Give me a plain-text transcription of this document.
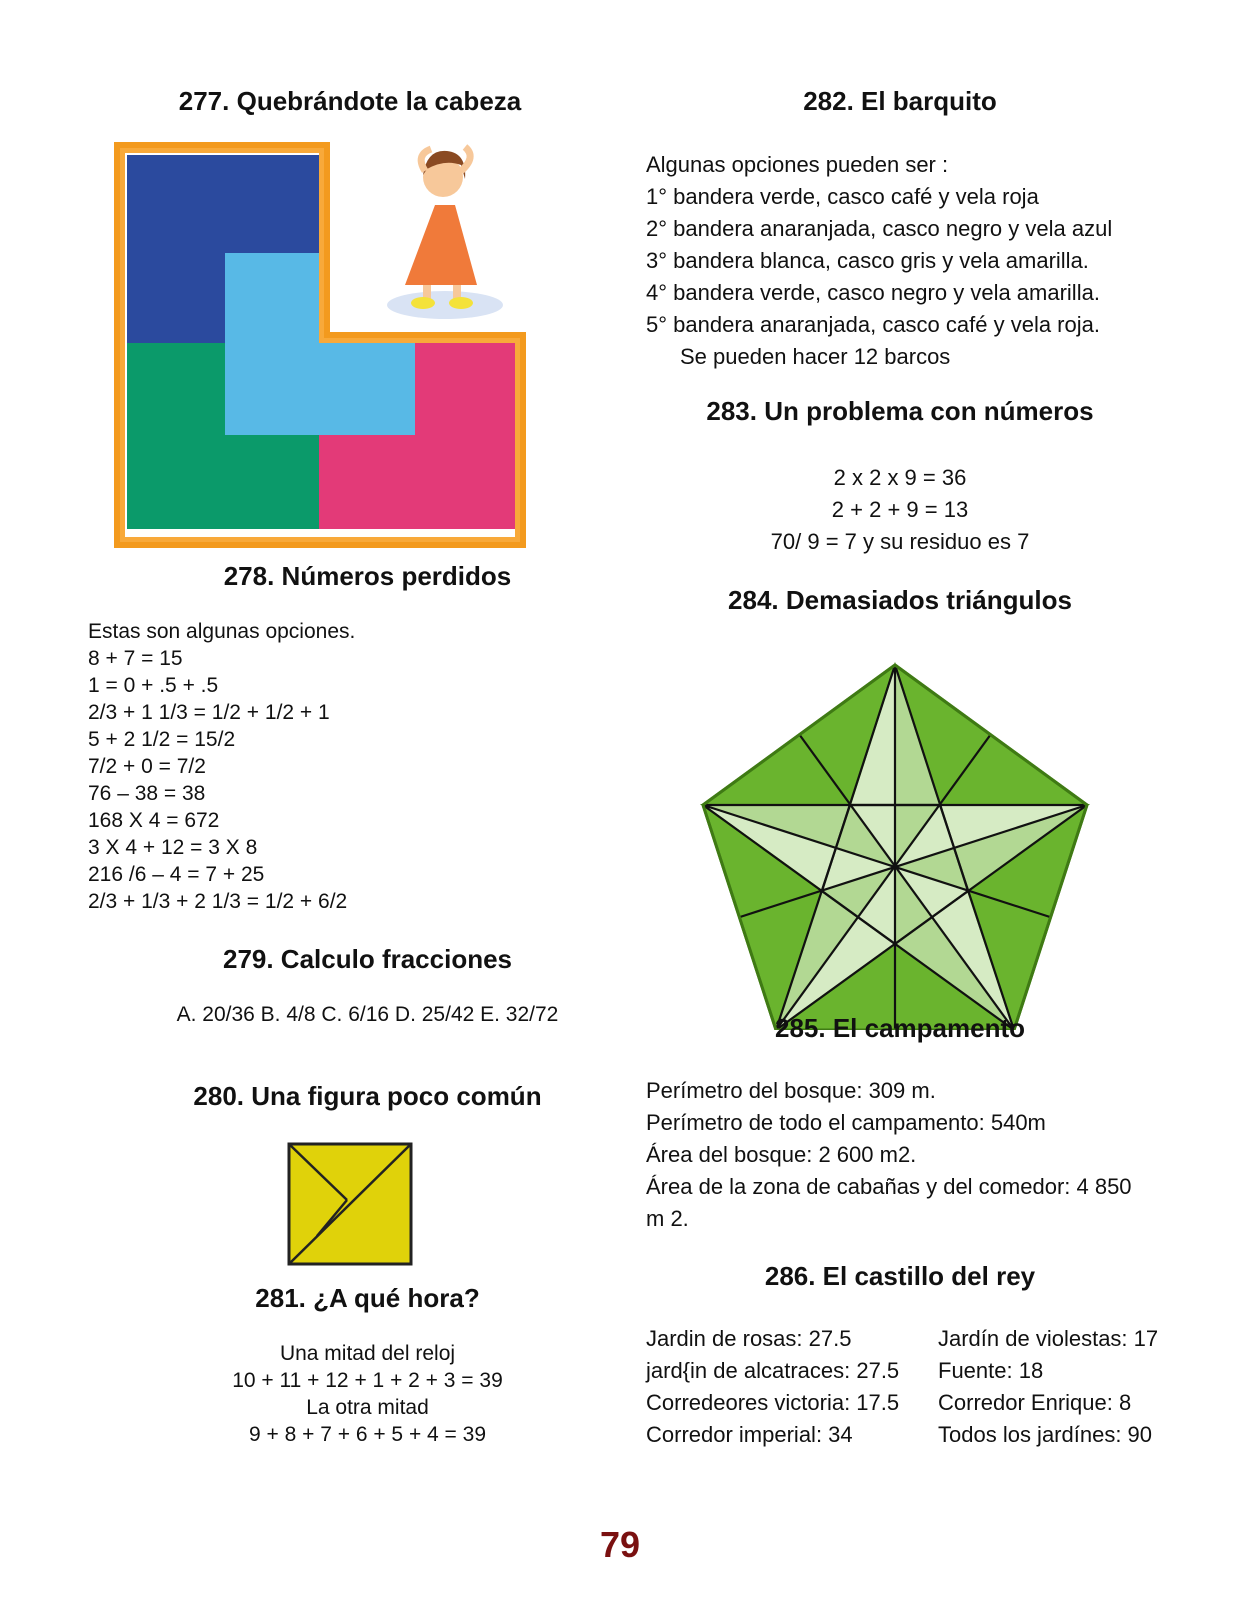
277. Quebrándote la cabeza
278. Números perdidos
Estas son algunas opciones.
8 + 7 = 15
1 = 0 + .5 + .5
2/3 + 1 1/3 = 1/2 + 1/2 + 1
5 + 2 1/2 = 15/2
7/2 + 0 = 7/2
76 – 38 = 38
168 X 4 = 672
3 X 4 + 12 = 3 X 8
216 /6 – 4 = 7 + 25
2/3 + 1/3 + 2 1/3 = 1/2 + 6/2
279. Calculo fracciones
A. 20/36 B. 4/8 C. 6/16 D. 25/42 E. 32/72
280. Una figura poco común
281. ¿A qué hora?
Una mitad del reloj
10 + 11 + 12 + 1 + 2 + 3 = 39
La otra mitad
9 + 8 + 7 + 6 + 5 + 4 = 39
282. El barquito
Algunas opciones pueden ser :
1° bandera verde, casco café y vela roja
2° bandera anaranjada, casco negro y vela azul
3° bandera blanca, casco gris y vela amarilla.
4° bandera verde, casco negro y vela amarilla.
5° bandera anaranjada, casco café y vela roja.
Se pueden hacer 12 barcos
283. Un problema con números
2 x 2 x 9 = 36
2 + 2 + 9 = 13
70/ 9 = 7 y su residuo es 7
284. Demasiados triángulos
285. El campamento
Perímetro del bosque: 309 m.
Perímetro de todo el campamento: 540m
Área del bosque: 2 600 m2.
Área de la zona de cabañas y del comedor: 4 850
m 2.
286. El castillo del rey
Jardin de rosas: 27.5
jard{in de alcatraces: 27.5
Corredeores victoria: 17.5
Corredor imperial: 34
Jardín de violestas: 17
Fuente: 18
Corredor Enrique: 8
Todos los jardínes: 90
79
